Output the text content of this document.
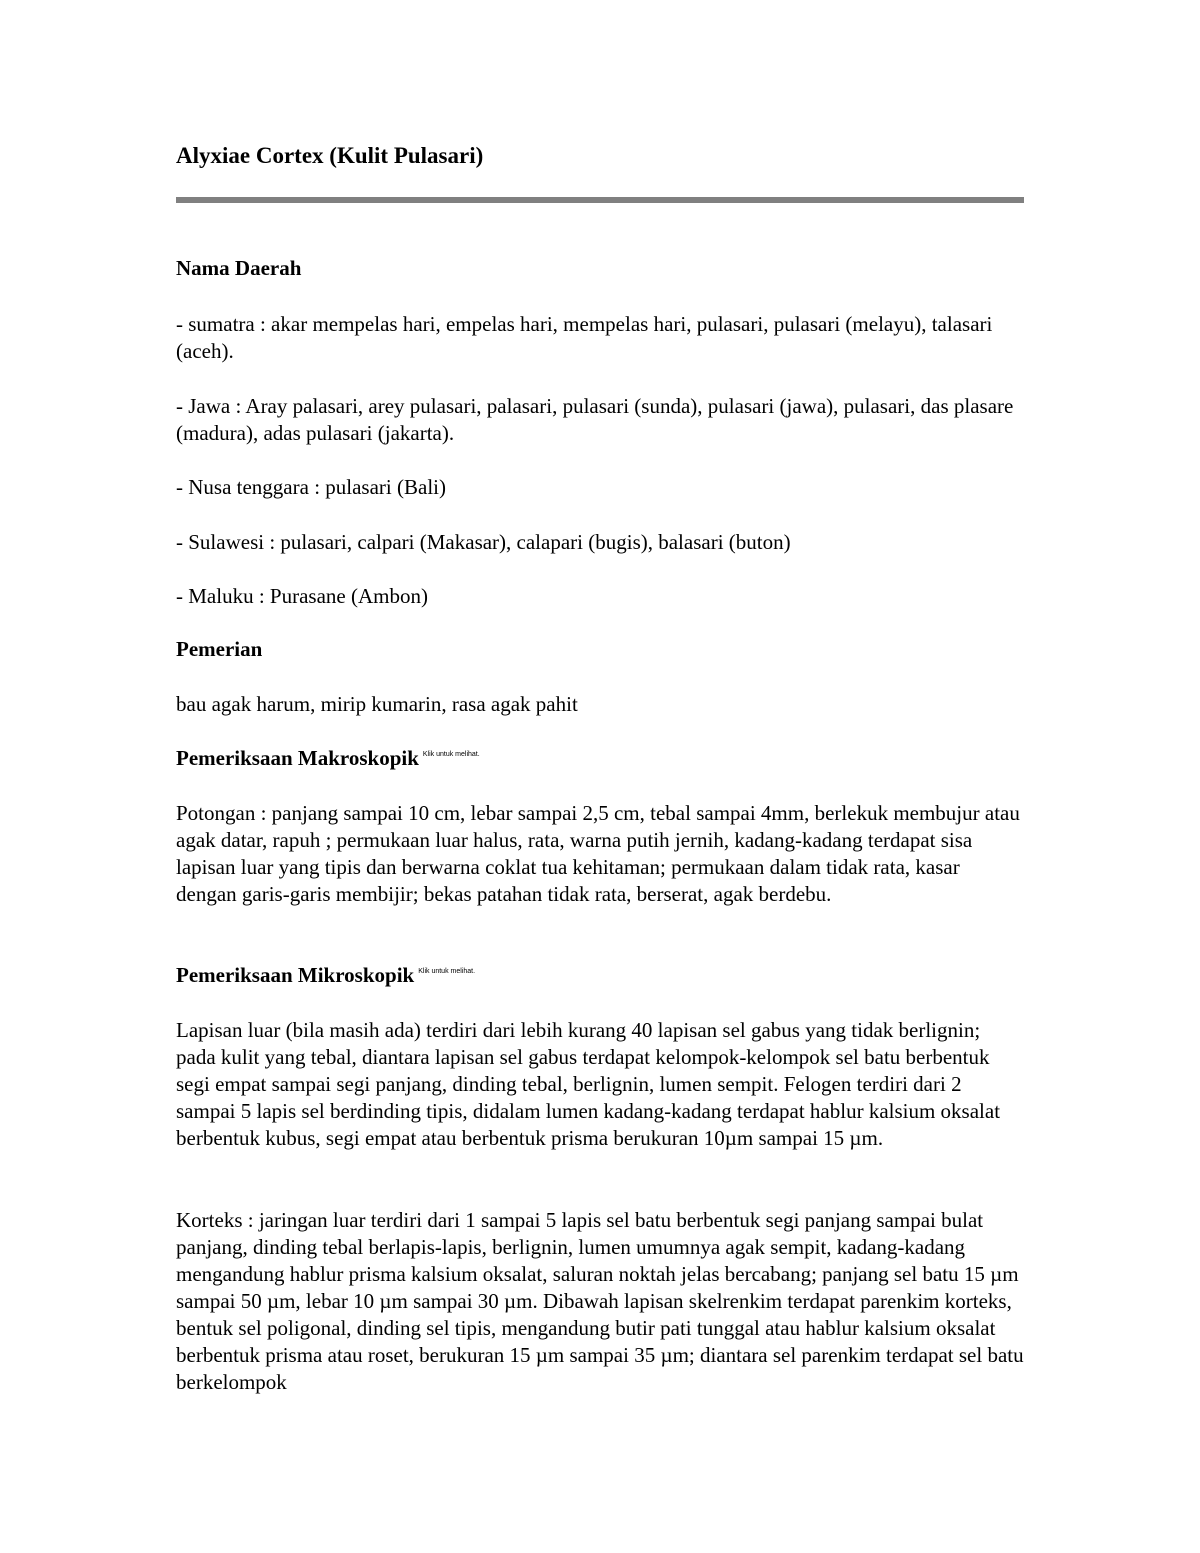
Alyxiae Cortex (Kulit Pulasari)
Nama Daerah

- sumatra : akar mempelas hari, empelas hari, mempelas hari, pulasari, pulasari (melayu), talasari (aceh).

- Jawa : Aray palasari, arey pulasari, palasari, pulasari (sunda), pulasari (jawa), pulasari, das plasare (madura), adas pulasari (jakarta).

- Nusa tenggara : pulasari (Bali)

- Sulawesi : pulasari, calpari (Makasar), calapari (bugis), balasari (buton)

- Maluku : Purasane (Ambon)

Pemerian

bau agak harum, mirip kumarin, rasa agak pahit

Pemeriksaan Makroskopik $^{Klik untuk melihat.}$

Potongan : panjang sampai 10 cm, lebar sampai 2,5 cm, tebal sampai 4mm, berlekuk membujur atau agak datar, rapuh ; permukaan luar halus, rata, warna putih jernih, kadang-kadang terdapat sisa lapisan luar yang tipis dan berwarna coklat tua kehitaman; permukaan dalam tidak rata, kasar dengan garis-garis membijir; bekas patahan tidak rata, berserat, agak berdebu.

Pemeriksaan Mikroskopik $^{Klik untuk melihat.}$

Lapisan luar (bila masih ada) terdiri dari lebih kurang 40 lapisan sel gabus yang tidak berlignin; pada kulit yang tebal, diantara lapisan sel gabus terdapat kelompok-kelompok sel batu berbentuk segi empat sampai segi panjang, dinding tebal, berlignin, lumen sempit. Felogen terdiri dari 2 sampai 5 lapis sel berdinding tipis, didalam lumen kadang-kadang terdapat hablur kalsium oksalat berbentuk kubus, segi empat atau berbentuk prisma berukuran 10µm sampai 15 µm.

Korteks : jaringan luar terdiri dari 1 sampai 5 lapis sel batu berbentuk segi panjang sampai bulat panjang, dinding tebal berlapis-lapis, berlignin, lumen umumnya agak sempit, kadang-kadang mengandung hablur prisma kalsium oksalat, saluran noktah jelas bercabang; panjang sel batu 15 µm sampai 50 µm, lebar 10 µm sampai 30 µm. Dibawah lapisan skelrenkim terdapat parenkim korteks, bentuk sel poligonal, dinding sel tipis, mengandung butir pati tunggal atau hablur kalsium oksalat berbentuk prisma atau roset, berukuran 15 µm sampai 35 µm; diantara sel parenkim terdapat sel batu berkelompok
